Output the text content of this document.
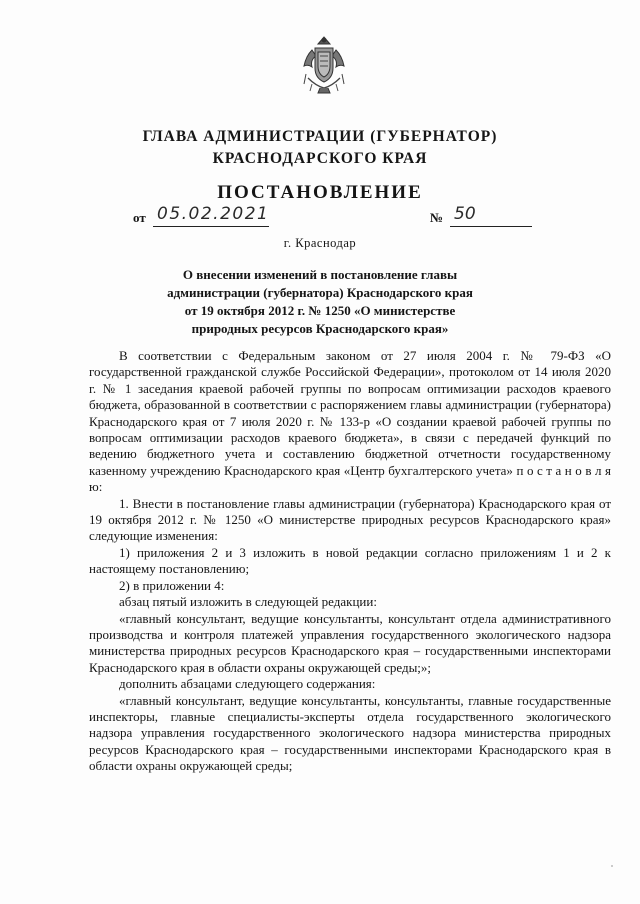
ГЛАВА АДМИНИСТРАЦИИ (ГУБЕРНАТОР)
КРАСНОДАРСКОГО КРАЯ
ПОСТАНОВЛЕНИЕ
от 05.02.2021	№ 50
г. Краснодар
О внесении изменений в постановление главы
администрации (губернатора) Краснодарского края
от 19 октября 2012 г. № 1250 «О министерстве
природных ресурсов Краснодарского края»

В соответствии с Федеральным законом от 27 июля 2004 г. № 79-ФЗ «О государственной гражданской службе Российской Федерации», протоколом от 14 июля 2020 г. № 1 заседания краевой рабочей группы по вопросам оптимизации расходов краевого бюджета, образованной в соответствии с распоряжением главы администрации (губернатора) Краснодарского края от 7 июля 2020 г. № 133-р «О создании краевой рабочей группы по вопросам оптимизации расходов краевого бюджета», в связи с передачей функций по ведению бюджетного учета и составлению бюджетной отчетности государственному казенному учреждению Краснодарского края «Центр бухгалтерского учета» п о с т а н о в л я ю:

1. Внести в постановление главы администрации (губернатора) Краснодарского края от 19 октября 2012 г. № 1250 «О министерстве природных ресурсов Краснодарского края» следующие изменения:

1) приложения 2 и 3 изложить в новой редакции согласно приложениям 1 и 2 к настоящему постановлению;

2) в приложении 4:

абзац пятый изложить в следующей редакции:

«главный консультант, ведущие консультанты, консультант отдела административного производства и контроля платежей управления государственного экологического надзора министерства природных ресурсов Краснодарского края – государственными инспекторами Краснодарского края в области охраны окружающей среды;»;

дополнить абзацами следующего содержания:

«главный консультант, ведущие консультанты, консультанты, главные государственные инспекторы, главные специалисты-эксперты отдела государственного экологического надзора управления государственного экологического надзора министерства природных ресурсов Краснодарского края – государственными инспекторами Краснодарского края в области охраны окружающей среды;
